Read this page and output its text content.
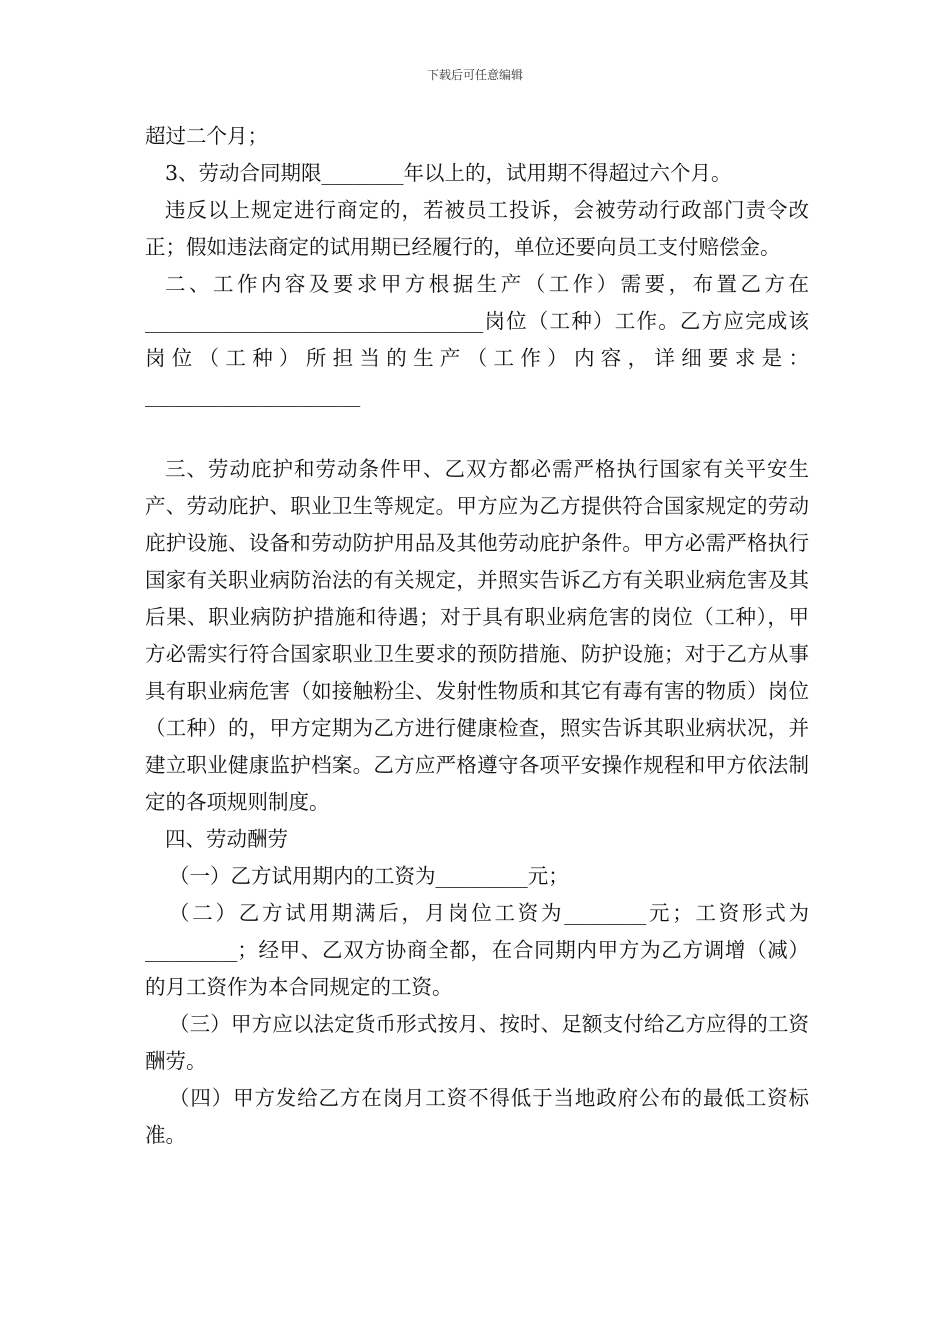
下载后可任意编辑

超过二个月；

3、劳动合同期限________年以上的，试用期不得超过六个月。

违反以上规定进行商定的，若被员工投诉，会被劳动行政部门责令改正；假如违法商定的试用期已经履行的，单位还要向员工支付赔偿金。

二、工作内容及要求甲方根据生产（工作）需要，布置乙方在_________________________________岗位（工种）工作。乙方应完成该岗位（工种）所担当的生产（工作）内容，详细要求是：_____________________

三、劳动庇护和劳动条件甲、乙双方都必需严格执行国家有关平安生产、劳动庇护、职业卫生等规定。甲方应为乙方提供符合国家规定的劳动庇护设施、设备和劳动防护用品及其他劳动庇护条件。甲方必需严格执行国家有关职业病防治法的有关规定，并照实告诉乙方有关职业病危害及其后果、职业病防护措施和待遇；对于具有职业病危害的岗位（工种），甲方必需实行符合国家职业卫生要求的预防措施、防护设施；对于乙方从事具有职业病危害（如接触粉尘、发射性物质和其它有毒有害的物质）岗位（工种）的，甲方定期为乙方进行健康检查，照实告诉其职业病状况，并建立职业健康监护档案。乙方应严格遵守各项平安操作规程和甲方依法制定的各项规则制度。

四、劳动酬劳

（一）乙方试用期内的工资为_________元；

（二）乙方试用期满后，月岗位工资为________元；工资形式为_________；经甲、乙双方协商全都，在合同期内甲方为乙方调增（减）的月工资作为本合同规定的工资。

（三）甲方应以法定货币形式按月、按时、足额支付给乙方应得的工资酬劳。

（四）甲方发给乙方在岗月工资不得低于当地政府公布的最低工资标准。
